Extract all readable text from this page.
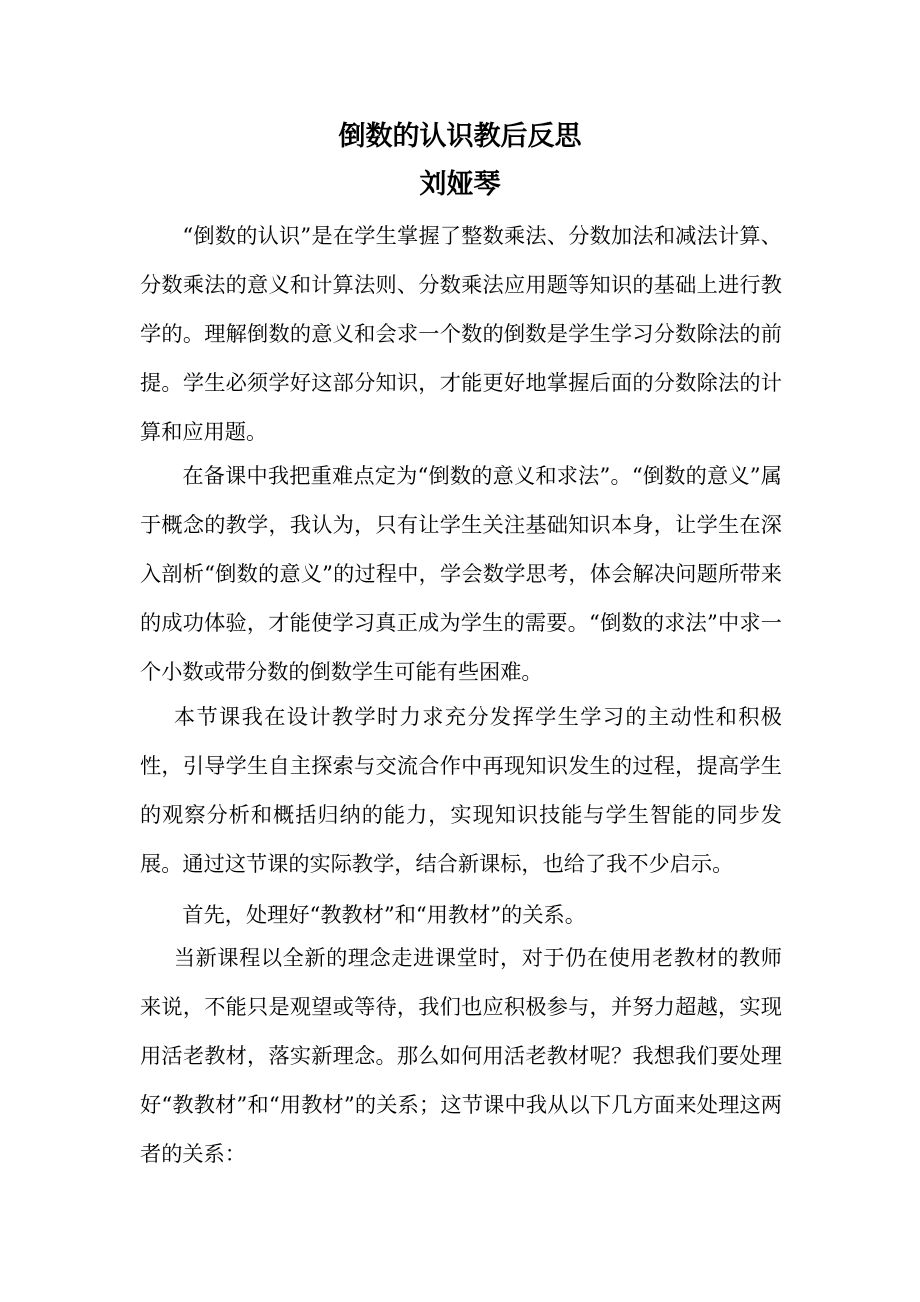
倒数的认识教后反思
刘娅琴

“倒数的认识”是在学生掌握了整数乘法、分数加法和减法计算、分数乘法的意义和计算法则、分数乘法应用题等知识的基础上进行教学的。理解倒数的意义和会求一个数的倒数是学生学习分数除法的前提。学生必须学好这部分知识，才能更好地掌握后面的分数除法的计算和应用题。

在备课中我把重难点定为“倒数的意义和求法”。“倒数的意义”属于概念的教学，我认为，只有让学生关注基础知识本身，让学生在深入剖析“倒数的意义”的过程中，学会数学思考，体会解决问题所带来的成功体验，才能使学习真正成为学生的需要。“倒数的求法”中求一个小数或带分数的倒数学生可能有些困难。

本节课我在设计教学时力求充分发挥学生学习的主动性和积极性，引导学生自主探索与交流合作中再现知识发生的过程，提高学生的观察分析和概括归纳的能力，实现知识技能与学生智能的同步发展。通过这节课的实际教学，结合新课标，也给了我不少启示。

首先，处理好“教教材”和“用教材”的关系。

当新课程以全新的理念走进课堂时，对于仍在使用老教材的教师来说，不能只是观望或等待，我们也应积极参与，并努力超越，实现用活老教材，落实新理念。那么如何用活老教材呢？我想我们要处理好“教教材”和“用教材”的关系；这节课中我从以下几方面来处理这两者的关系：
